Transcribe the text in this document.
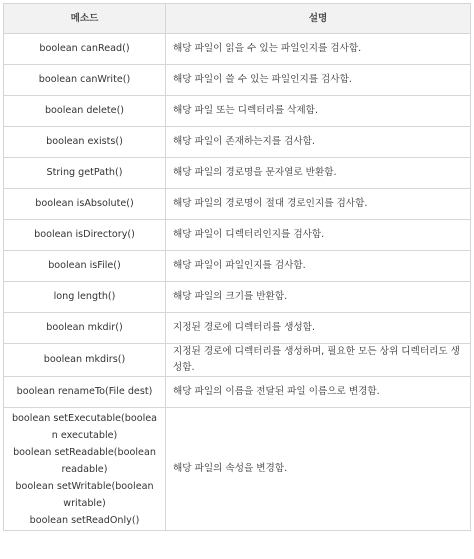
메소드	설명
boolean canRead()	해당 파일이 읽을 수 있는 파일인지를 검사함.
boolean canWrite()	해당 파일이 쓸 수 있는 파일인지를 검사함.
boolean delete()	해당 파일 또는 디렉터리를 삭제함.
boolean exists()	해당 파일이 존재하는지를 검사함.
String getPath()	해당 파일의 경로명을 문자열로 반환함.
boolean isAbsolute()	해당 파일의 경로명이 절대 경로인지를 검사함.
boolean isDirectory()	해당 파일이 디렉터리인지를 검사함.
boolean isFile()	해당 파일이 파일인지를 검사함.
long length()	해당 파일의 크기를 반환함.
boolean mkdir()	지정된 경로에 디렉터리를 생성함.
boolean mkdirs()	지정된 경로에 디렉터리를 생성하며, 필요한 모든 상위 디렉터리도 생성함.
boolean renameTo(File dest)	해당 파일의 이름을 전달된 파일 이름으로 변경함.

boolean setExecutable(boolean executable)
boolean setReadable(boolean readable)
boolean setWritable(boolean writable)
boolean setReadOnly()	해당 파일의 속성을 변경함.
